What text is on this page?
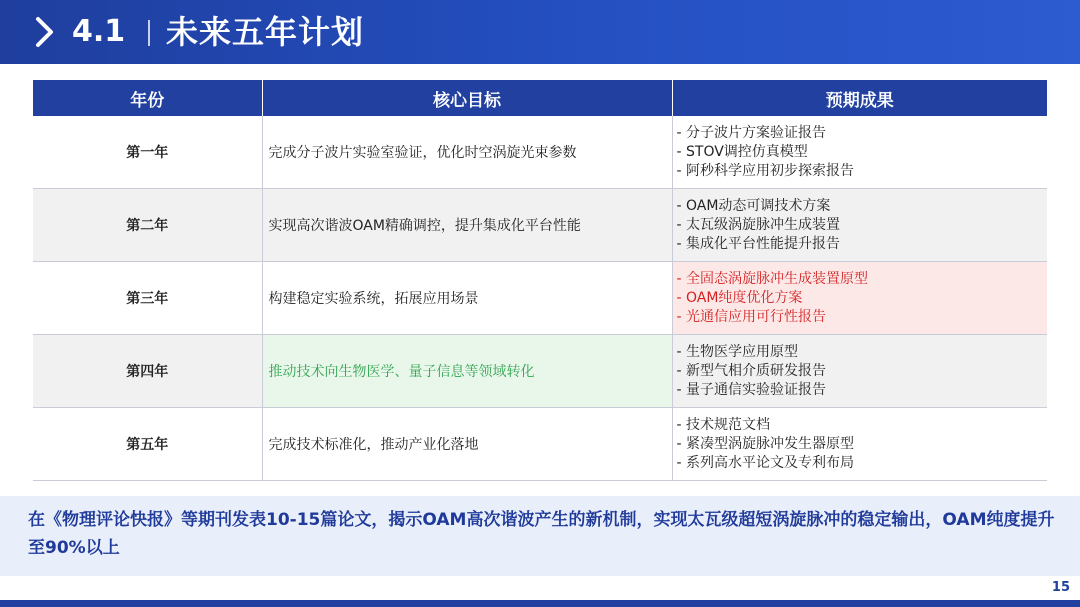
4.1 未来五年计划
年份	核心目标	预期成果
第一年	完成分子波片实验室验证，优化时空涡旋光束参数	- 分子波片方案验证报告
- STOV调控仿真模型
- 阿秒科学应用初步探索报告

第二年	实现高次谐波OAM精确调控，提升集成化平台性能	- OAM动态可调技术方案
- 太瓦级涡旋脉冲生成装置
- 集成化平台性能提升报告

第三年	构建稳定实验系统，拓展应用场景	- 全固态涡旋脉冲生成装置原型
- OAM纯度优化方案
- 光通信应用可行性报告

第四年	推动技术向生物医学、量子信息等领域转化	- 生物医学应用原型
- 新型气相介质研发报告
- 量子通信实验验证报告

第五年	完成技术标准化，推动产业化落地	- 技术规范文档
- 紧凑型涡旋脉冲发生器原型
- 系列高水平论文及专利布局

在《物理评论快报》等期刊发表10-15篇论文，揭示OAM高次谐波产生的新机制，实现太瓦级超短涡旋脉冲的稳定输出，OAM纯度提升至90%以上

15
